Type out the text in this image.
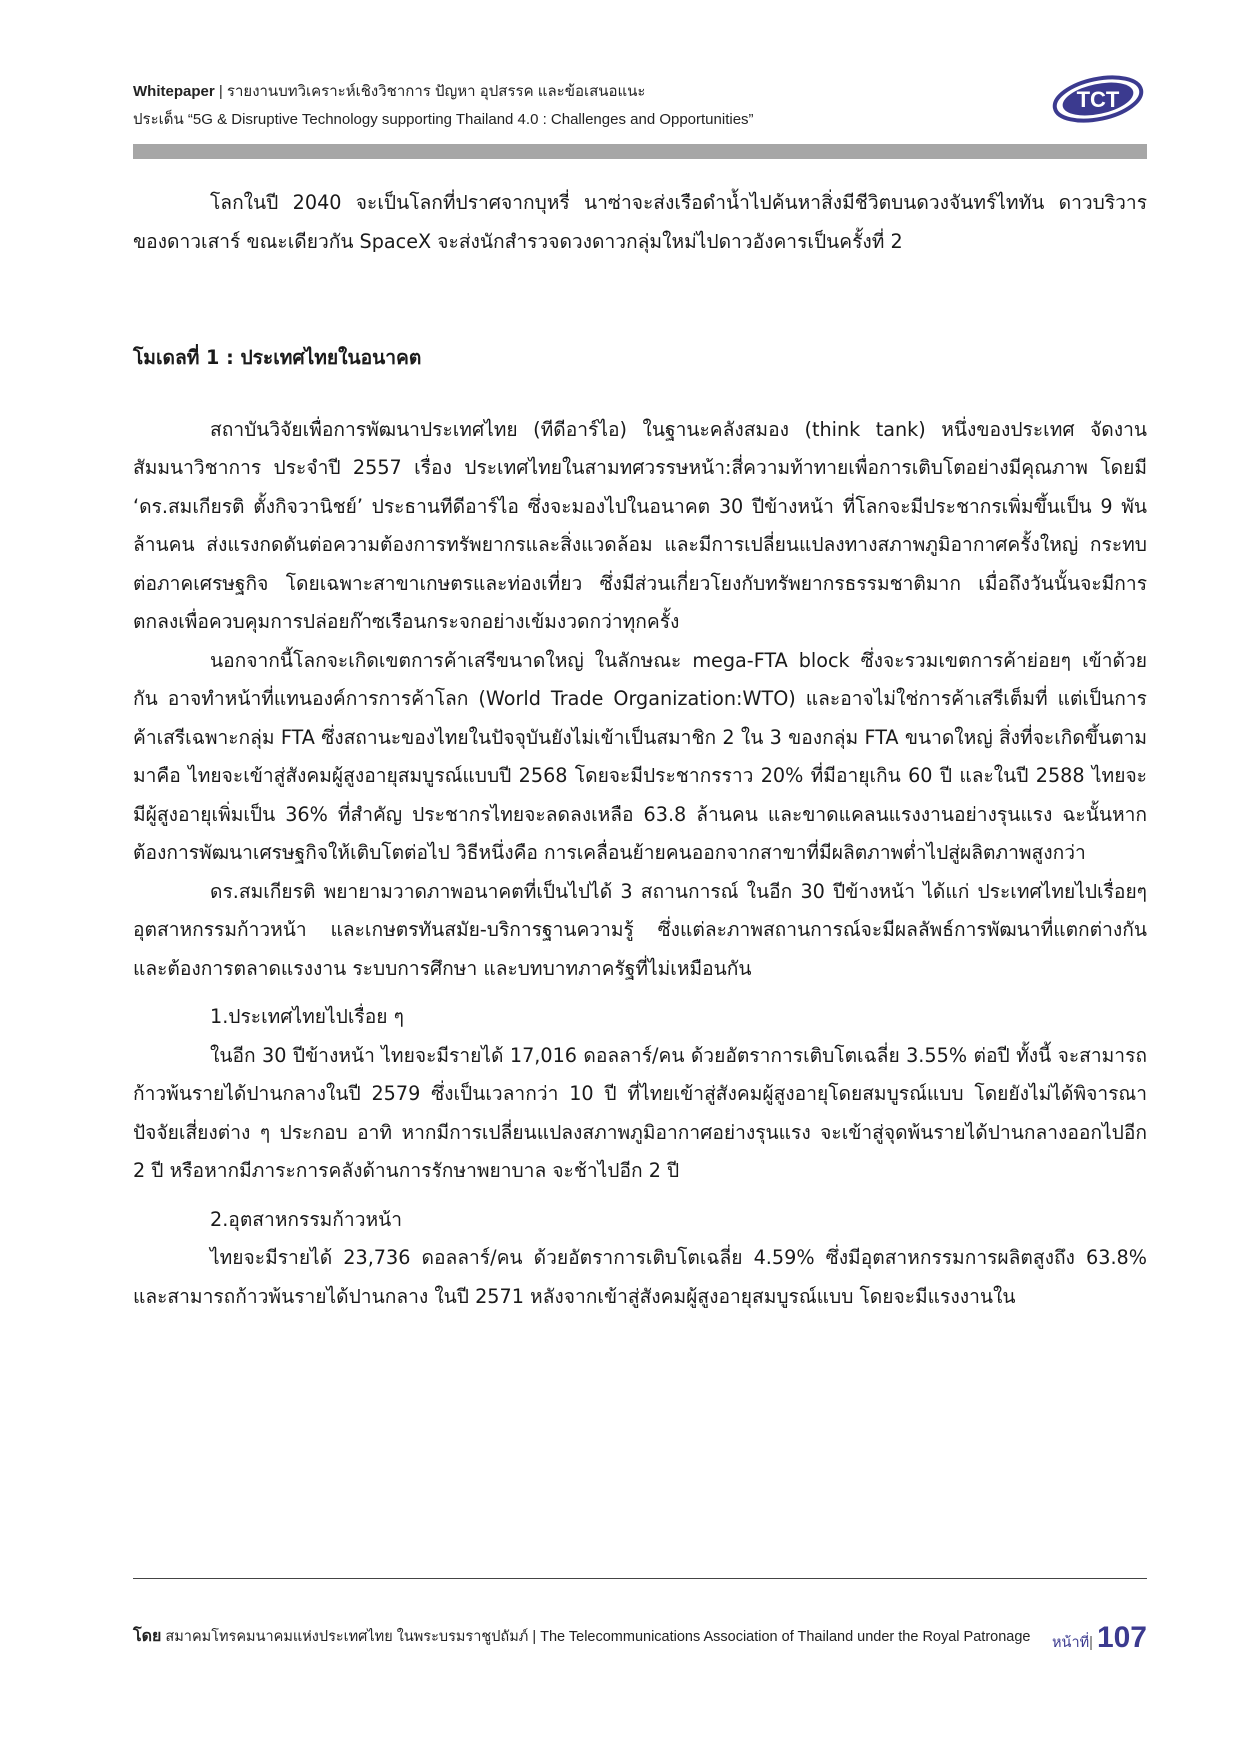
Whitepaper | รายงานบทวิเคราะห์เชิงวิชาการ ปัญหา อุปสรรค และข้อเสนอแนะ
ประเด็น “5G & Disruptive Technology supporting Thailand 4.0 : Challenges and Opportunities”
TCT

โลกในปี 2040 จะเป็นโลกที่ปราศจากบุหรี่ นาซ่าจะส่งเรือดำน้ำไปค้นหาสิ่งมีชีวิตบนดวงจันทร์ไททัน ดาวบริวารของดาวเสาร์ ขณะเดียวกัน SpaceX จะส่งนักสำรวจดวงดาวกลุ่มใหม่ไปดาวอังคารเป็นครั้งที่ 2

โมเดลที่ 1 : ประเทศไทยในอนาคต

สถาบันวิจัยเพื่อการพัฒนาประเทศไทย (ทีดีอาร์ไอ) ในฐานะคลังสมอง (think tank) หนึ่งของประเทศ จัดงานสัมมนาวิชาการ ประจำปี 2557 เรื่อง ประเทศไทยในสามทศวรรษหน้า:สี่ความท้าทายเพื่อการเติบโตอย่างมีคุณภาพ โดยมี ‘ดร.สมเกียรติ ตั้งกิจวานิชย์’ ประธานทีดีอาร์ไอ ซึ่งจะมองไปในอนาคต 30 ปีข้างหน้า ที่โลกจะมีประชากรเพิ่มขึ้นเป็น 9 พันล้านคน ส่งแรงกดดันต่อความต้องการทรัพยากรและสิ่งแวดล้อม และมีการเปลี่ยนแปลงทางสภาพภูมิอากาศครั้งใหญ่ กระทบต่อภาคเศรษฐกิจ โดยเฉพาะสาขาเกษตรและท่องเที่ยว ซึ่งมีส่วนเกี่ยวโยงกับทรัพยากรธรรมชาติมาก เมื่อถึงวันนั้นจะมีการตกลงเพื่อควบคุมการปล่อยก๊าซเรือนกระจกอย่างเข้มงวดกว่าทุกครั้ง

นอกจากนี้โลกจะเกิดเขตการค้าเสรีขนาดใหญ่ ในลักษณะ mega-FTA block ซึ่งจะรวมเขตการค้าย่อยๆ เข้าด้วยกัน อาจทำหน้าที่แทนองค์การการค้าโลก (World Trade Organization:WTO) และอาจไม่ใช่การค้าเสรีเต็มที่ แต่เป็นการค้าเสรีเฉพาะกลุ่ม FTA ซึ่งสถานะของไทยในปัจจุบันยังไม่เข้าเป็นสมาชิก 2 ใน 3 ของกลุ่ม FTA ขนาดใหญ่ สิ่งที่จะเกิดขึ้นตามมาคือ ไทยจะเข้าสู่สังคมผู้สูงอายุสมบูรณ์แบบปี 2568 โดยจะมีประชากรราว 20% ที่มีอายุเกิน 60 ปี และในปี 2588 ไทยจะมีผู้สูงอายุเพิ่มเป็น 36% ที่สำคัญ ประชากรไทยจะลดลงเหลือ 63.8 ล้านคน และขาดแคลนแรงงานอย่างรุนแรง ฉะนั้นหากต้องการพัฒนาเศรษฐกิจให้เติบโตต่อไป วิธีหนึ่งคือ การเคลื่อนย้ายคนออกจากสาขาที่มีผลิตภาพต่ำไปสู่ผลิตภาพสูงกว่า

ดร.สมเกียรติ พยายามวาดภาพอนาคตที่เป็นไปได้ 3 สถานการณ์ ในอีก 30 ปีข้างหน้า ได้แก่ ประเทศไทยไปเรื่อยๆ อุตสาหกรรมก้าวหน้า และเกษตรทันสมัย-บริการฐานความรู้ ซึ่งแต่ละภาพสถานการณ์จะมีผลลัพธ์การพัฒนาที่แตกต่างกัน และต้องการตลาดแรงงาน ระบบการศึกษา และบทบาทภาครัฐที่ไม่เหมือนกัน

1.ประเทศไทยไปเรื่อย ๆ

ในอีก 30 ปีข้างหน้า ไทยจะมีรายได้ 17,016 ดอลลาร์/คน ด้วยอัตราการเติบโตเฉลี่ย 3.55% ต่อปี ทั้งนี้ จะสามารถก้าวพ้นรายได้ปานกลางในปี 2579 ซึ่งเป็นเวลากว่า 10 ปี ที่ไทยเข้าสู่สังคมผู้สูงอายุโดยสมบูรณ์แบบ โดยยังไม่ได้พิจารณาปัจจัยเสี่ยงต่าง ๆ ประกอบ อาทิ หากมีการเปลี่ยนแปลงสภาพภูมิอากาศอย่างรุนแรง จะเข้าสู่จุดพ้นรายได้ปานกลางออกไปอีก 2 ปี หรือหากมีภาระการคลังด้านการรักษาพยาบาล จะช้าไปอีก 2 ปี

2.อุตสาหกรรมก้าวหน้า

ไทยจะมีรายได้ 23,736 ดอลลาร์/คน ด้วยอัตราการเติบโตเฉลี่ย 4.59% ซึ่งมีอุตสาหกรรมการผลิตสูงถึง 63.8% และสามารถก้าวพ้นรายได้ปานกลาง ในปี 2571 หลังจากเข้าสู่สังคมผู้สูงอายุสมบูรณ์แบบ โดยจะมีแรงงานใน

โดย สมาคมโทรคมนาคมแห่งประเทศไทย ในพระบรมราชูปถัมภ์ | The Telecommunications Association of Thailand under the Royal Patronage หน้าที่| 107
